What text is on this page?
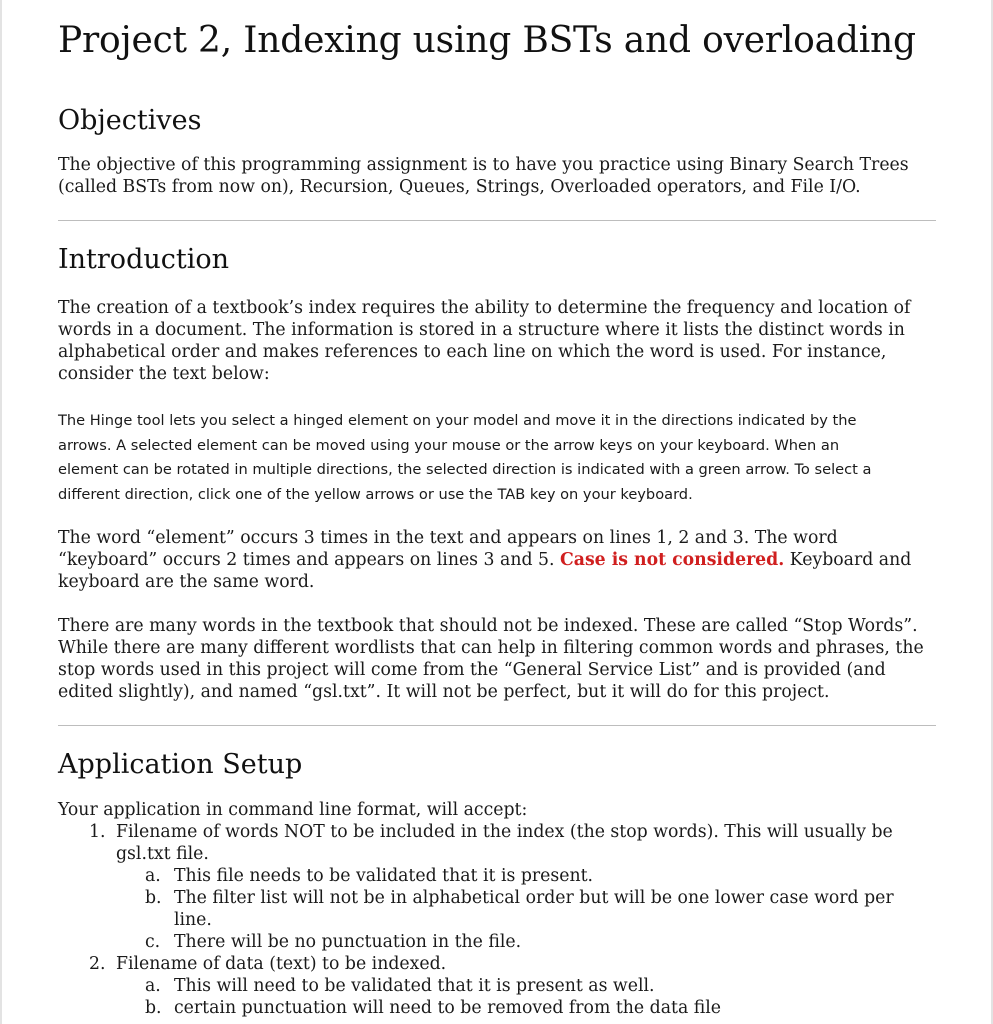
Project 2, Indexing using BSTs and overloading
Objectives

The objective of this programming assignment is to have you practice using Binary Search Trees (called BSTs from now on), Recursion, Queues, Strings, Overloaded operators, and File I/O.

Introduction

The creation of a textbook’s index requires the ability to determine the frequency and location of words in a document. The information is stored in a structure where it lists the distinct words in alphabetical order and makes references to each line on which the word is used. For instance, consider the text below:

The Hinge tool lets you select a hinged element on your model and move it in the directions indicated by the

arrows. A selected element can be moved using your mouse or the arrow keys on your keyboard. When an

element can be rotated in multiple directions, the selected direction is indicated with a green arrow. To select a

different direction, click one of the yellow arrows or use the TAB key on your keyboard.

The word “element” occurs 3 times in the text and appears on lines 1, 2 and 3. The word “keyboard” occurs 2 times and appears on lines 3 and 5. Case is not considered. Keyboard and keyboard are the same word.

There are many words in the textbook that should not be indexed. These are called “Stop Words”. While there are many different wordlists that can help in filtering common words and phrases, the stop words used in this project will come from the “General Service List” and is provided (and edited slightly), and named “gsl.txt”. It will not be perfect, but it will do for this project.

Application Setup

Your application in command line format, will accept:

1. Filename of words NOT to be included in the index (the stop words). This will usually be gsl.txt file.
a. This file needs to be validated that it is present.
b. The filter list will not be in alphabetical order but will be one lower case word per line.
c. There will be no punctuation in the file.
2. Filename of data (text) to be indexed.
a. This will need to be validated that it is present as well.
b. certain punctuation will need to be removed from the data file
